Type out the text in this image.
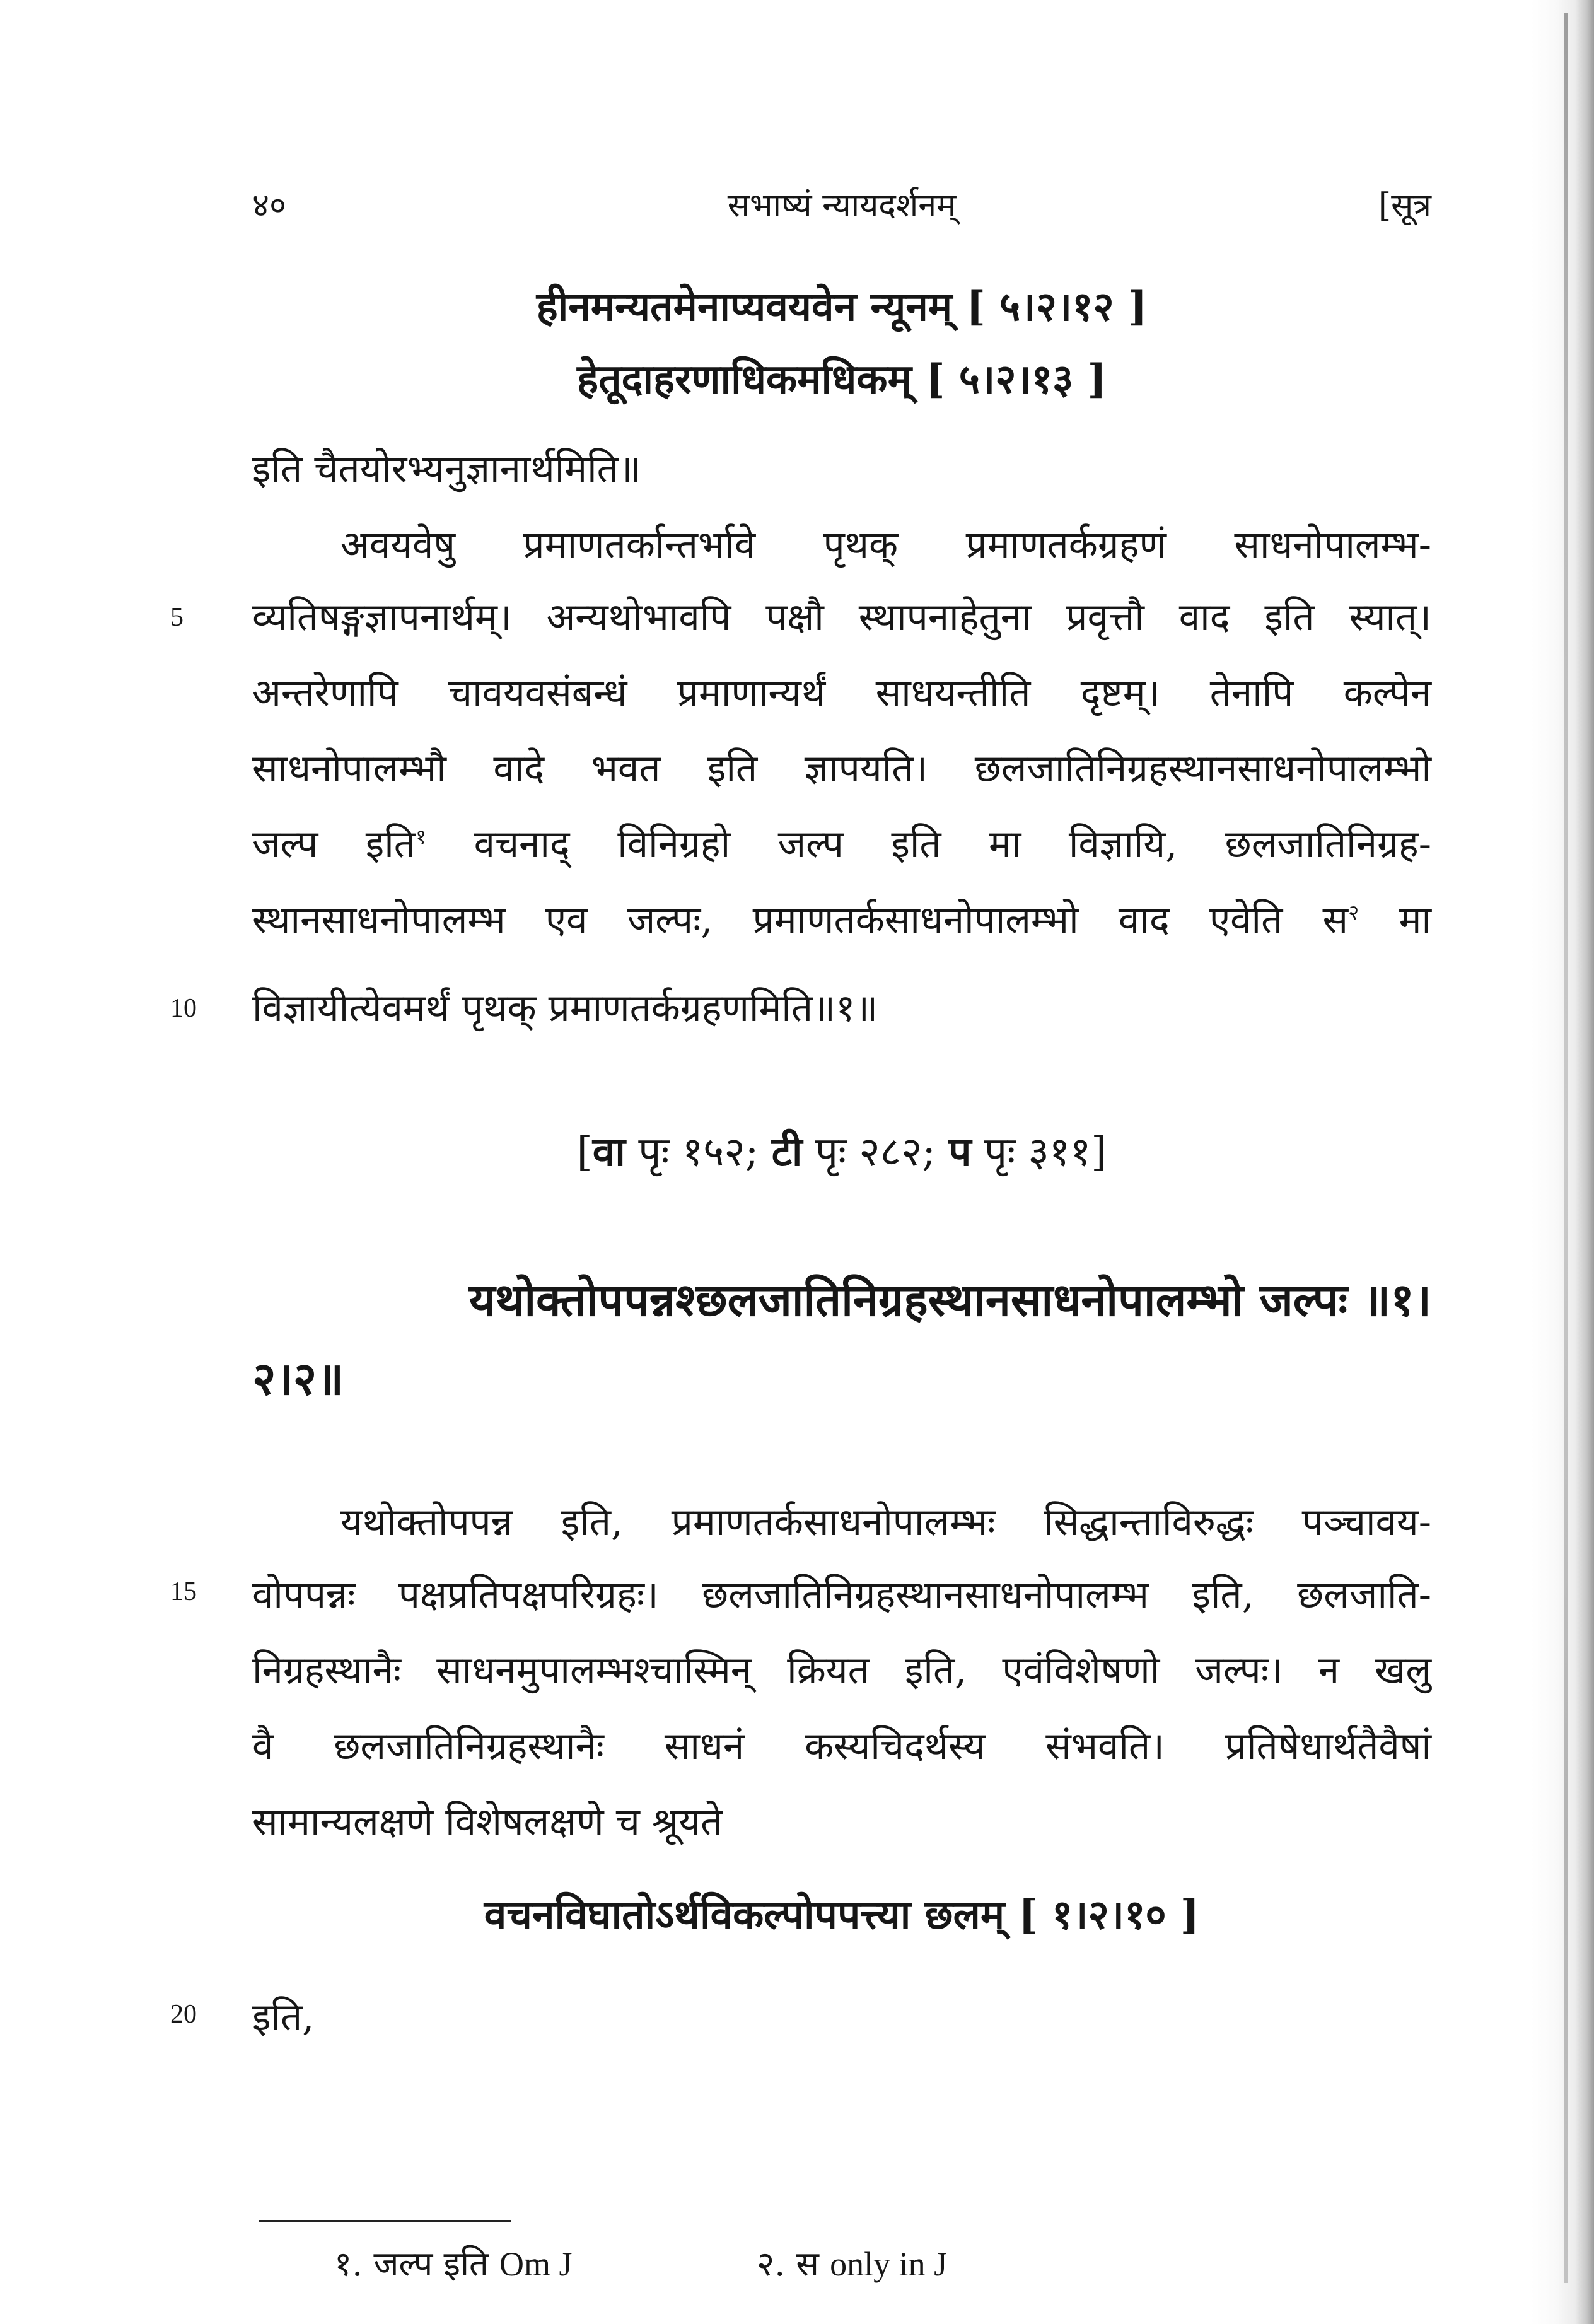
४०	सभाष्यं न्यायदर्शनम्	[सूत्र
हीनमन्यतमेनाप्यवयवेन न्यूनम् [ ५।२।१२ ]
हेतूदाहरणाधिकमधिकम् [ ५।२।१३ ]
इति चैतयोरभ्यनुज्ञानार्थमिति॥
अवयवेषु प्रमाणतर्कान्तर्भावे पृथक् प्रमाणतर्कग्रहणं साधनोपालम्भ-
5 व्यतिषङ्गज्ञापनार्थम्। अन्यथोभावपि पक्षौ स्थापनाहेतुना प्रवृत्तौ वाद इति स्यात्।
अन्तरेणापि चावयवसंबन्धं प्रमाणान्यर्थं साधयन्तीति दृष्टम्। तेनापि कल्पेन
साधनोपालम्भौ वादे भवत इति ज्ञापयति। छलजातिनिग्रहस्थानसाधनोपालम्भो
जल्प इति$^१$ वचनाद् विनिग्रहो जल्प इति मा विज्ञायि, छलजातिनिग्रह-
स्थानसाधनोपालम्भ एव जल्पः, प्रमाणतर्कसाधनोपालम्भो वाद एवेति स$^२$ मा
10 विज्ञायीत्येवमर्थं पृथक् प्रमाणतर्कग्रहणमिति॥१॥
[वा पृः १५२; टी पृः २८२; प पृः ३११]
यथोक्तोपपन्नश्छलजातिनिग्रहस्थानसाधनोपालम्भो जल्पः ॥१।
२।२॥
यथोक्तोपपन्न इति, प्रमाणतर्कसाधनोपालम्भः सिद्धान्ताविरुद्धः पञ्चावय-
15 वोपपन्नः पक्षप्रतिपक्षपरिग्रहः। छलजातिनिग्रहस्थानसाधनोपालम्भ इति, छलजाति-
निग्रहस्थानैः साधनमुपालम्भश्चास्मिन् क्रियत इति, एवंविशेषणो जल्पः। न खलु
वै छलजातिनिग्रहस्थानैः साधनं कस्यचिदर्थस्य संभवति। प्रतिषेधार्थतैवैषां
सामान्यलक्षणे विशेषलक्षणे च श्रूयते
वचनविघातोऽर्थविकल्पोपपत्त्या छलम् [ १।२।१० ]
20 इति,
१. जल्प इति Om J	२. स only in J
